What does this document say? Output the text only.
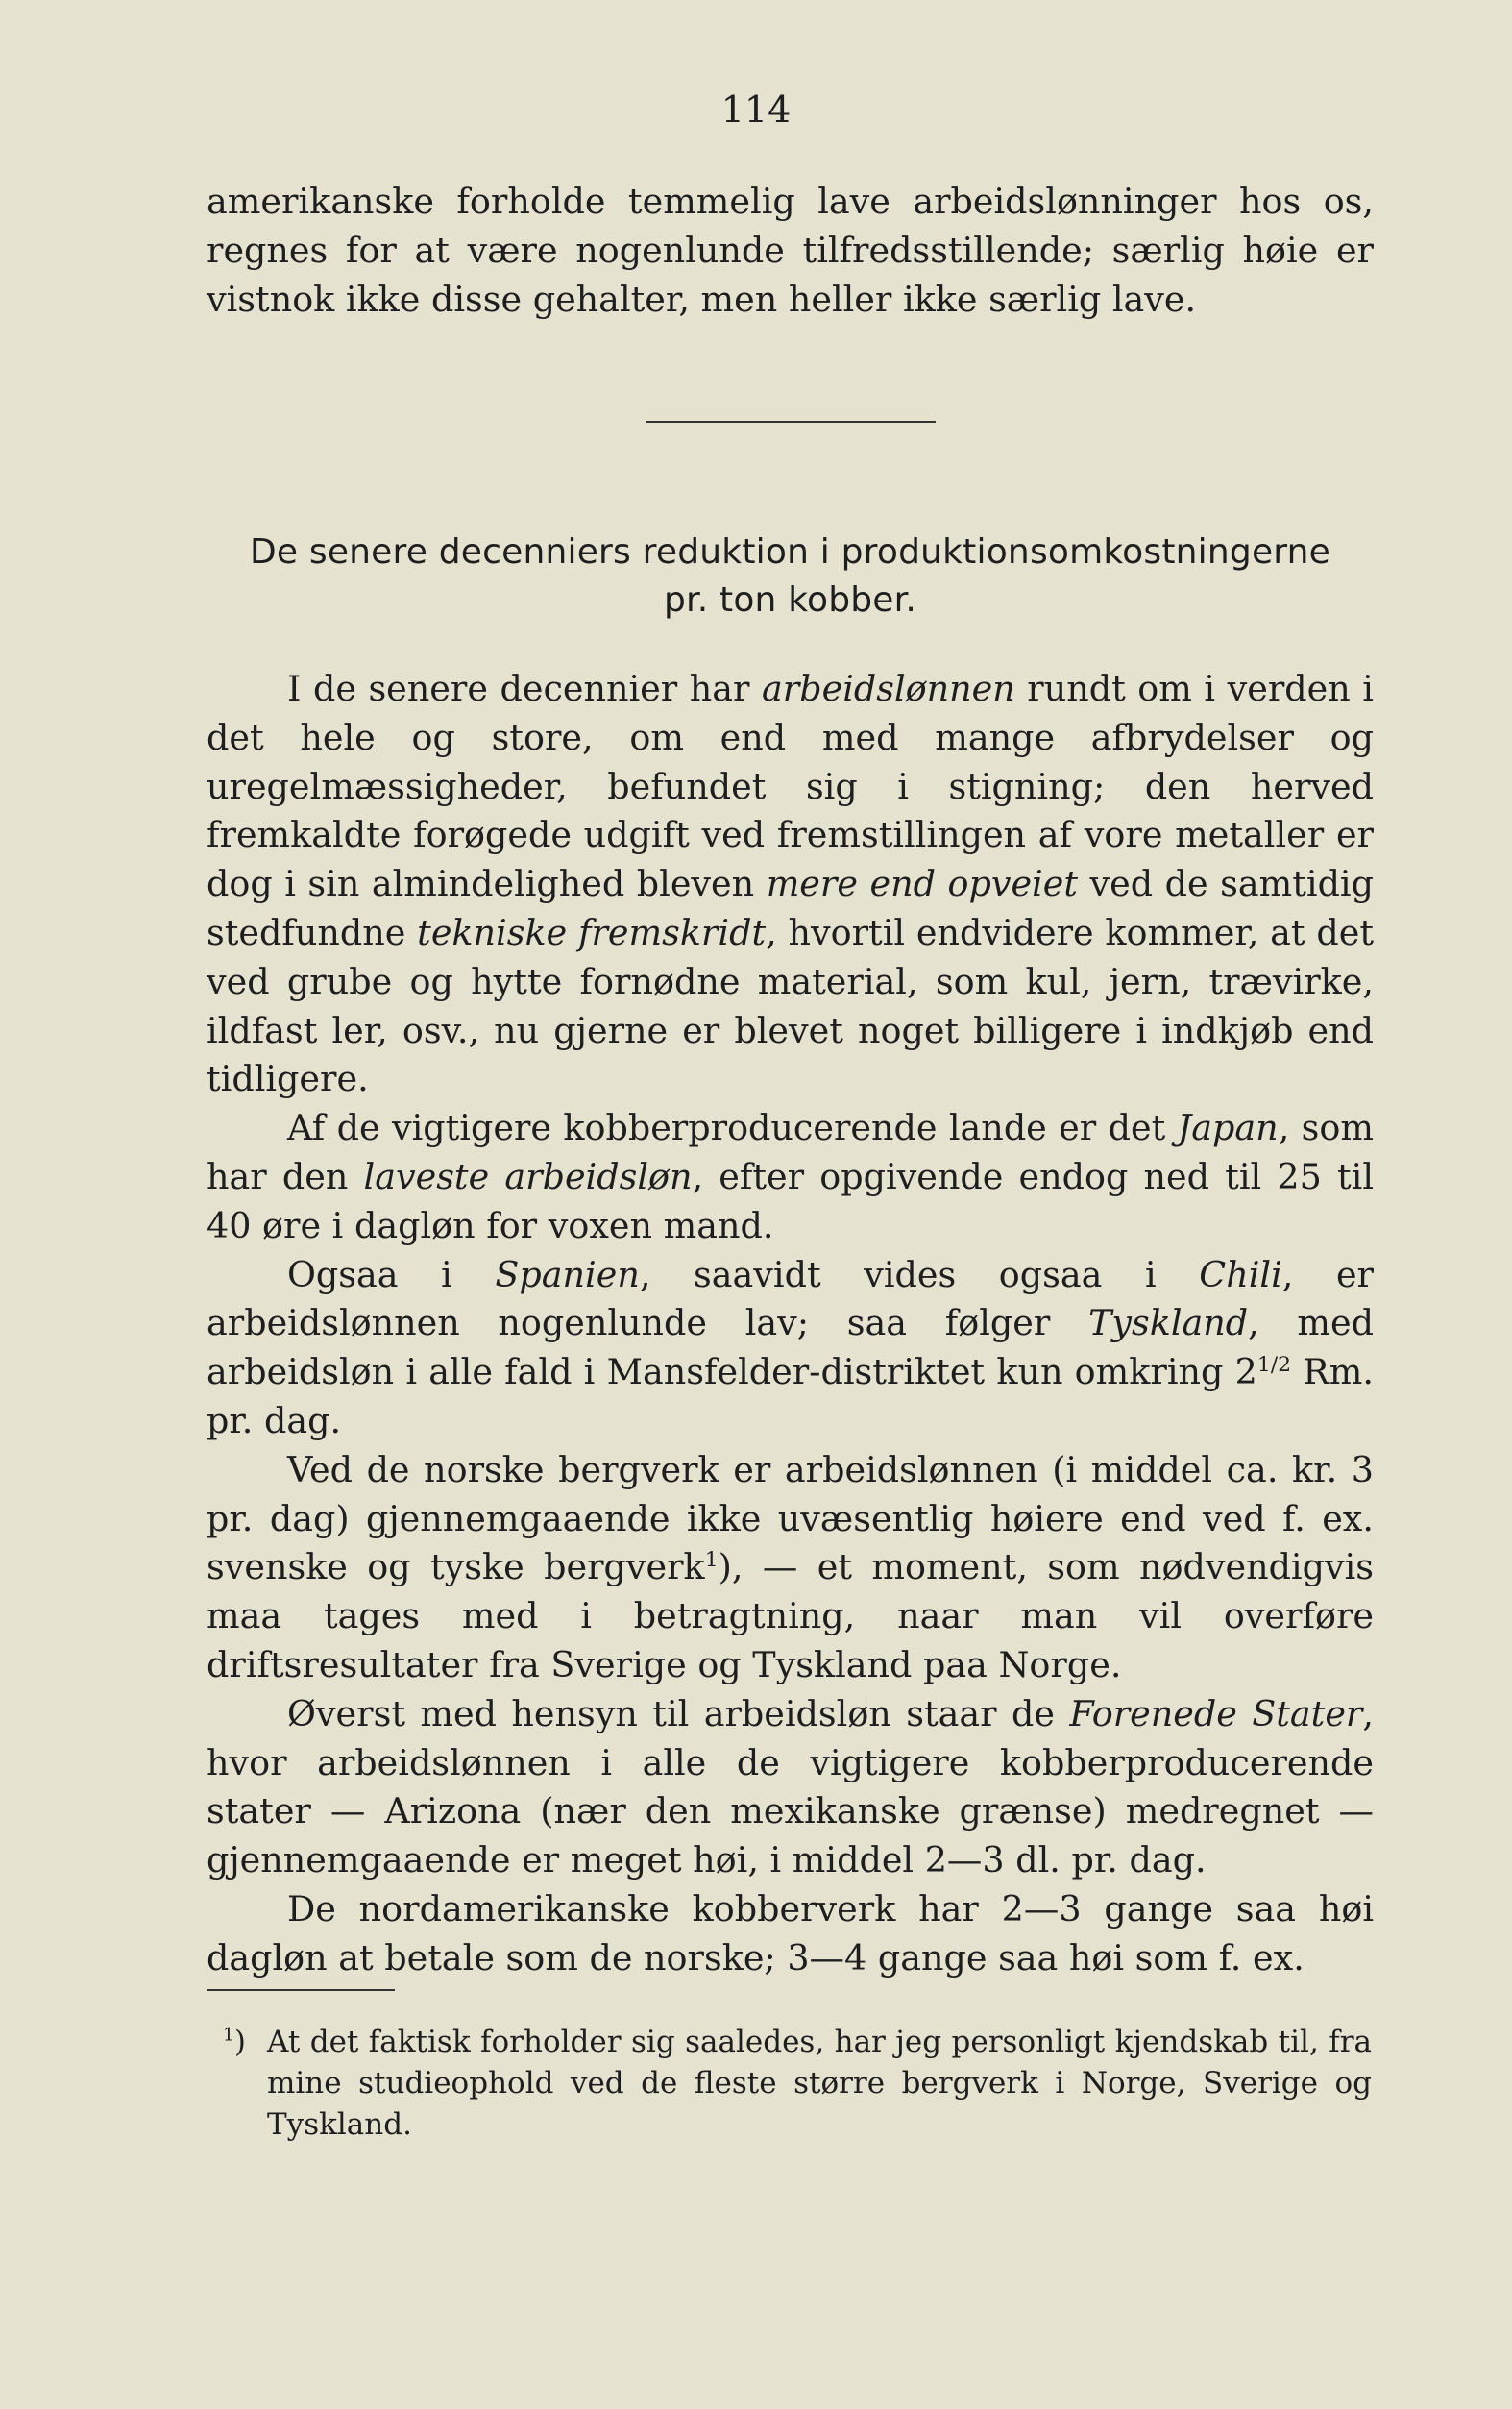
114

amerikanske forholde temmelig lave arbeidslønninger hos os, regnes for at være nogenlunde tilfredsstillende; særlig høie er vistnok ikke disse gehalter, men heller ikke særlig lave.

De senere decenniers reduktion i produktionsomkostningerne
pr. ton kobber.

I de senere decennier har arbeidslønnen rundt om i verden i det hele og store, om end med mange afbrydelser og uregelmæssigheder, befundet sig i stigning; den herved fremkaldte forøgede udgift ved fremstillingen af vore metaller er dog i sin almindelighed bleven mere end opveiet ved de samtidig stedfundne tekniske fremskridt, hvortil endvidere kommer, at det ved grube og hytte fornødne material, som kul, jern, trævirke, ildfast ler, osv., nu gjerne er blevet noget billigere i indkjøb end tidligere.

Af de vigtigere kobberproducerende lande er det Japan, som har den laveste arbeidsløn, efter opgivende endog ned til 25 til 40 øre i dagløn for voxen mand.

Ogsaa i Spanien, saavidt vides ogsaa i Chili, er arbeidslønnen nogenlunde lav; saa følger Tyskland, med arbeidsløn i alle fald i Mansfelder-distriktet kun omkring $2^{1/2}$ Rm. pr. dag.

Ved de norske bergverk er arbeidslønnen (i middel ca. kr. 3 pr. dag) gjennemgaaende ikke uvæsentlig høiere end ved f. ex. svenske og tyske bergverk$^1$), — et moment, som nødvendigvis maa tages med i betragtning, naar man vil overføre driftsresultater fra Sverige og Tyskland paa Norge.

Øverst med hensyn til arbeidsløn staar de Forenede Stater, hvor arbeidslønnen i alle de vigtigere kobberproducerende stater — Arizona (nær den mexikanske grænse) medregnet — gjennemgaaende er meget høi, i middel 2—3 dl. pr. dag.

De nordamerikanske kobberverk har 2—3 gange saa høi dagløn at betale som de norske; 3—4 gange saa høi som f. ex.

$^1$) At det faktisk forholder sig saaledes, har jeg personligt kjendskab til, fra mine studieophold ved de fleste større bergverk i Norge, Sverige og Tyskland.
